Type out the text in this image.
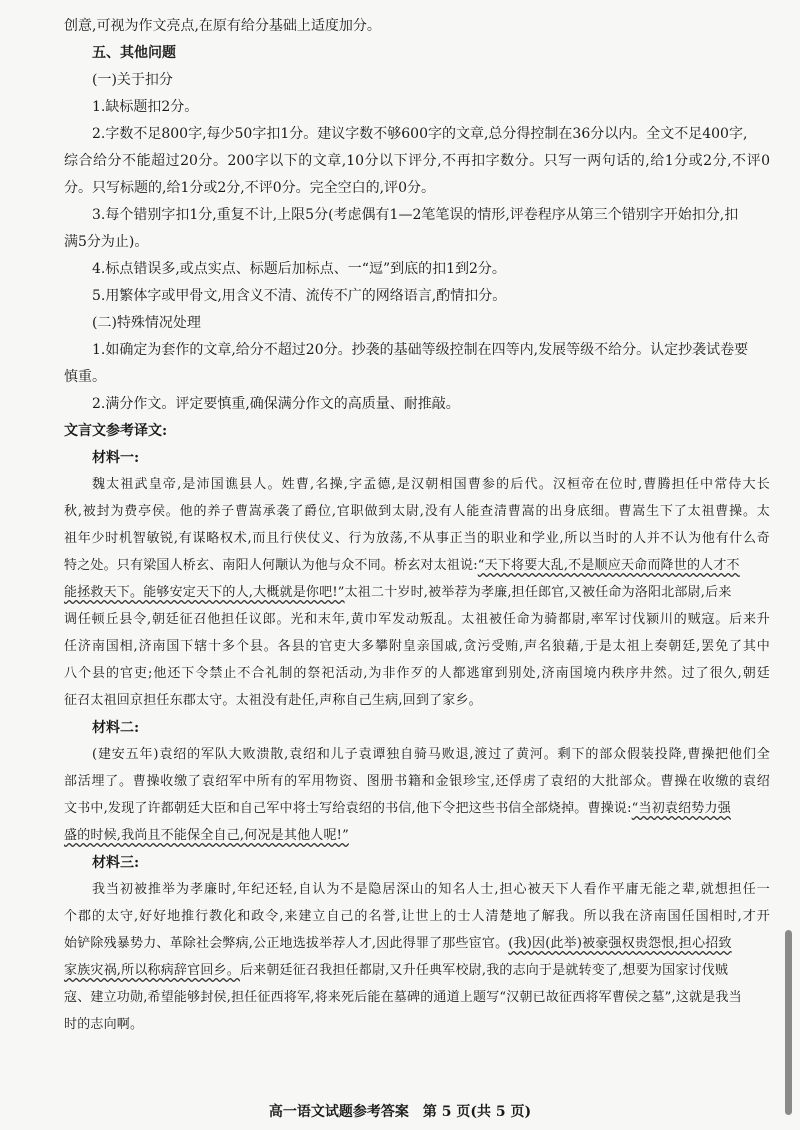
创意,可视为作文亮点,在原有给分基础上适度加分。

五、其他问题

(一)关于扣分

1.缺标题扣2分。

2.字数不足800字,每少50字扣1分。建议字数不够600字的文章,总分得控制在36分以内。全文不足400字,

综合给分不能超过20分。200字以下的文章,10分以下评分,不再扣字数分。只写一两句话的,给1分或2分,不评0

分。只写标题的,给1分或2分,不评0分。完全空白的,评0分。

3.每个错别字扣1分,重复不计,上限5分(考虑偶有1—2笔笔误的情形,评卷程序从第三个错别字开始扣分,扣

满5分为止)。

4.标点错误多,或点实点、标题后加标点、一“逗”到底的扣1到2分。

5.用繁体字或甲骨文,用含义不清、流传不广的网络语言,酌情扣分。

(二)特殊情况处理

1.如确定为套作的文章,给分不超过20分。抄袭的基础等级控制在四等内,发展等级不给分。认定抄袭试卷要

慎重。

2.满分作文。评定要慎重,确保满分作文的高质量、耐推敲。

文言文参考译文:

材料一:

魏太祖武皇帝,是沛国谯县人。姓曹,名操,字孟德,是汉朝相国曹参的后代。汉桓帝在位时,曹腾担任中常侍大长

秋,被封为费亭侯。他的养子曹嵩承袭了爵位,官职做到太尉,没有人能查清曹嵩的出身底细。曹嵩生下了太祖曹操。太

祖年少时机智敏锐,有谋略权术,而且行侠仗义、行为放荡,不从事正当的职业和学业,所以当时的人并不认为他有什么奇

特之处。只有梁国人桥玄、南阳人何颙认为他与众不同。桥玄对太祖说:“天下将要大乱,不是顺应天命而降世的人才不

能拯救天下。能够安定天下的人,大概就是你吧!”太祖二十岁时,被举荐为孝廉,担任郎官,又被任命为洛阳北部尉,后来

调任顿丘县令,朝廷征召他担任议郎。光和末年,黄巾军发动叛乱。太祖被任命为骑都尉,率军讨伐颍川的贼寇。后来升

任济南国相,济南国下辖十多个县。各县的官吏大多攀附皇亲国戚,贪污受贿,声名狼藉,于是太祖上奏朝廷,罢免了其中

八个县的官吏;他还下令禁止不合礼制的祭祀活动,为非作歹的人都逃窜到别处,济南国境内秩序井然。过了很久,朝廷

征召太祖回京担任东郡太守。太祖没有赴任,声称自己生病,回到了家乡。

材料二:

(建安五年)袁绍的军队大败溃散,袁绍和儿子袁谭独自骑马败退,渡过了黄河。剩下的部众假装投降,曹操把他们全

部活埋了。曹操收缴了袁绍军中所有的军用物资、图册书籍和金银珍宝,还俘虏了袁绍的大批部众。曹操在收缴的袁绍

文书中,发现了许都朝廷大臣和自己军中将士写给袁绍的书信,他下令把这些书信全部烧掉。曹操说:“当初袁绍势力强

盛的时候,我尚且不能保全自己,何况是其他人呢!”

材料三:

我当初被推举为孝廉时,年纪还轻,自认为不是隐居深山的知名人士,担心被天下人看作平庸无能之辈,就想担任一

个郡的太守,好好地推行教化和政令,来建立自己的名誉,让世上的士人清楚地了解我。所以我在济南国任国相时,才开

始铲除残暴势力、革除社会弊病,公正地选拔举荐人才,因此得罪了那些宦官。(我)因(此举)被豪强权贵怨恨,担心招致

家族灾祸,所以称病辞官回乡。后来朝廷征召我担任都尉,又升任典军校尉,我的志向于是就转变了,想要为国家讨伐贼

寇、建立功勋,希望能够封侯,担任征西将军,将来死后能在墓碑的通道上题写“汉朝已故征西将军曹侯之墓”,这就是我当

时的志向啊。

高一语文试题参考答案　第 5 页(共 5 页)
